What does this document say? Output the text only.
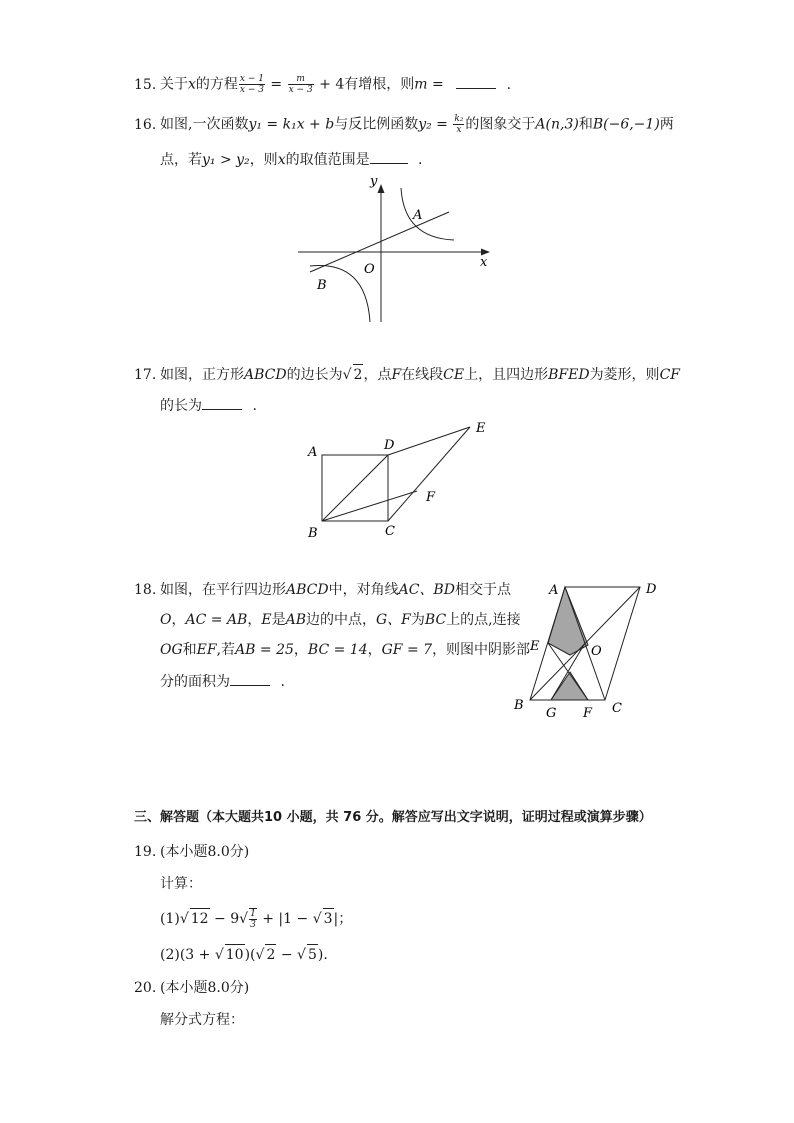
15. 关于x的方程 $\frac{x - 1}{x - 3} = \frac{m}{x - 3} + 4$有增根，则m =	.
16. 如图,一次函数y₁ = k₁x + b与反比例函数$y_2 = \frac{\text{k₂}}{x}$ 的图象交于A(n,3)和B(−6,−1)两
点，若y₁ > y₂，则x的取值范围是	.
y
x
A
O
B
17. 如图，正方形ABCD的边长为√ 2，点F在线段CE上，且四边形BFED为菱形，则CF
的长为	.
A	D
E
F
B	C
18. 如图，在平行四边形ABCD中，对角线AC、BD相交于点
O，AC = AB，E是AB边的中点，G、F为BC上的点,连接
OG和EF,若AB = 25，BC = 14，GF = 7，则图中阴影部
分的面积为	.
A	D
E	O
B
G F C
三、解答题（本大题共10 小题，共 76 分。解答应写出文字说明，证明过程或演算步骤）
19. (本小题8.0分)
计算：
(1)√ $12 - 9√ \frac{1}{3} + |1$ − √ 3|；
(2)(3 + √ 10)(√ 2 − √ 5).
20. (本小题8.0分)
解分式方程：
